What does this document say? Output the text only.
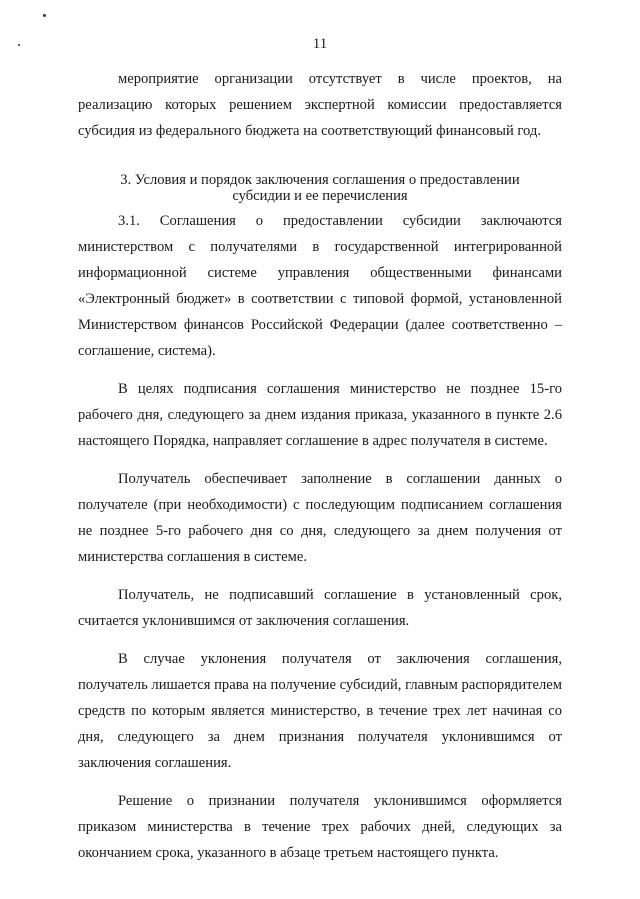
11

мероприятие организации отсутствует в числе проектов, на реализацию которых решением экспертной комиссии предоставляется субсидия из федерального бюджета на соответствующий финансовый год.

3. Условия и порядок заключения соглашения о предоставлении

субсидии и ее перечисления

3.1. Соглашения о предоставлении субсидии заключаются министерством с получателями в государственной интегрированной информационной системе управления общественными финансами «Электронный бюджет» в соответствии с типовой формой, установленной Министерством финансов Российской Федерации (далее соответственно – соглашение, система).

В целях подписания соглашения министерство не позднее 15-го рабочего дня, следующего за днем издания приказа, указанного в пункте 2.6 настоящего Порядка, направляет соглашение в адрес получателя в системе.

Получатель обеспечивает заполнение в соглашении данных о получателе (при необходимости) с последующим подписанием соглашения не позднее 5-го рабочего дня со дня, следующего за днем получения от министерства соглашения в системе.

Получатель, не подписавший соглашение в установленный срок, считается уклонившимся от заключения соглашения.

В случае уклонения получателя от заключения соглашения, получатель лишается права на получение субсидий, главным распорядителем средств по которым является министерство, в течение трех лет начиная со дня, следующего за днем признания получателя уклонившимся от заключения соглашения.

Решение о признании получателя уклонившимся оформляется приказом министерства в течение трех рабочих дней, следующих за окончанием срока, указанного в абзаце третьем настоящего пункта.
